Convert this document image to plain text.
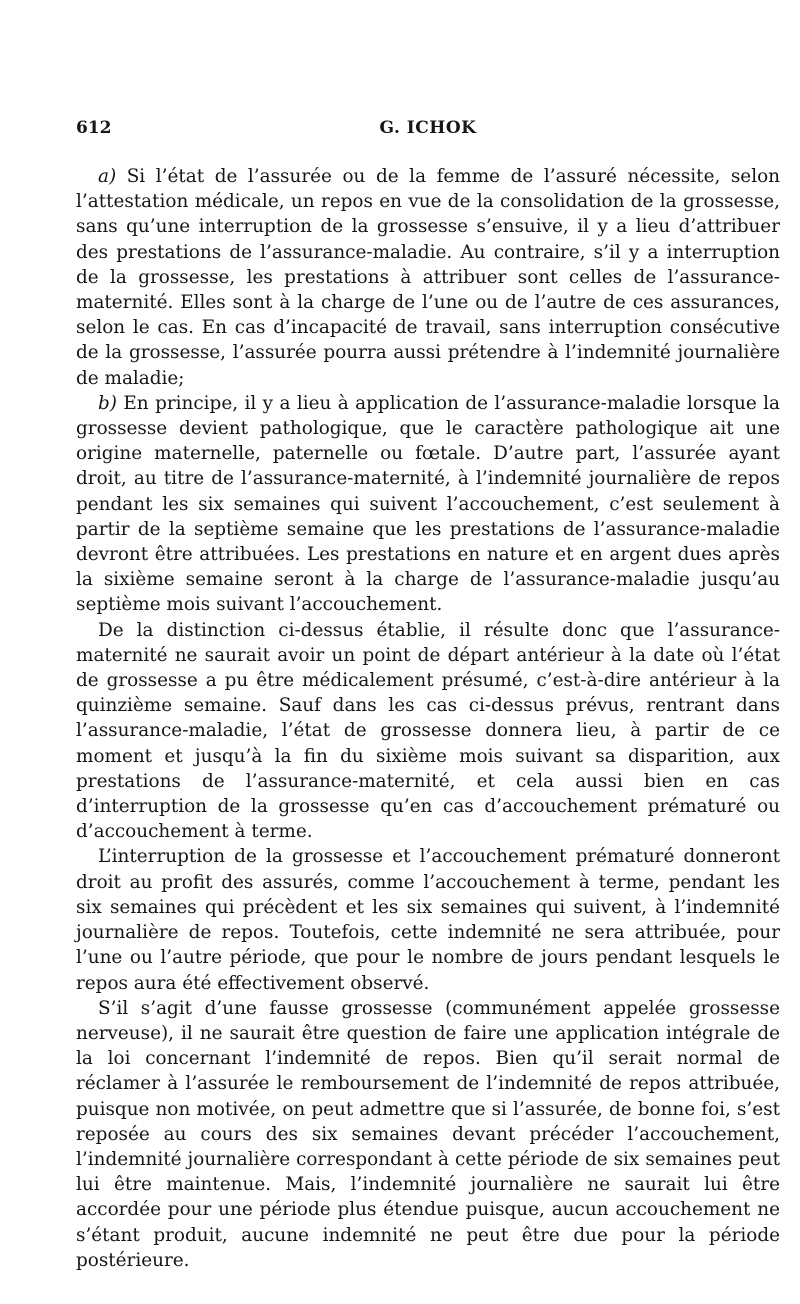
612	G. ICHOK

a) Si l’état de l’assurée ou de la femme de l’assuré nécessite, selon l’attestation médicale, un repos en vue de la consolidation de la grossesse, sans qu’une interruption de la grossesse s’ensuive, il y a lieu d’attribuer des prestations de l’assurance-maladie. Au contraire, s’il y a interruption de la grossesse, les prestations à attribuer sont celles de l’assurance-maternité. Elles sont à la charge de l’une ou de l’autre de ces assurances, selon le cas. En cas d’incapacité de travail, sans interruption consécutive de la grossesse, l’assurée pourra aussi prétendre à l’indemnité journalière de maladie;

b) En principe, il y a lieu à application de l’assurance-maladie lorsque la grossesse devient pathologique, que le caractère pathologique ait une origine maternelle, paternelle ou fœtale. D’autre part, l’assurée ayant droit, au titre de l’assurance-maternité, à l’indemnité journalière de repos pendant les six semaines qui suivent l’accouchement, c’est seulement à partir de la septième semaine que les prestations de l’assurance-maladie devront être attribuées. Les prestations en nature et en argent dues après la sixième semaine seront à la charge de l’assurance-maladie jusqu’au septième mois suivant l’accouchement.

De la distinction ci-dessus établie, il résulte donc que l’assurance-maternité ne saurait avoir un point de départ antérieur à la date où l’état de grossesse a pu être médicalement présumé, c’est-à-dire antérieur à la quinzième semaine. Sauf dans les cas ci-dessus prévus, rentrant dans l’assurance-maladie, l’état de grossesse donnera lieu, à partir de ce moment et jusqu’à la fin du sixième mois suivant sa disparition, aux prestations de l’assurance-maternité, et cela aussi bien en cas d’interruption de la grossesse qu’en cas d’accouchement prématuré ou d’accouchement à terme.

L’interruption de la grossesse et l’accouchement prématuré donneront droit au profit des assurés, comme l’accouchement à terme, pendant les six semaines qui précèdent et les six semaines qui suivent, à l’indemnité journalière de repos. Toutefois, cette indemnité ne sera attribuée, pour l’une ou l’autre période, que pour le nombre de jours pendant lesquels le repos aura été effectivement observé.

S’il s’agit d’une fausse grossesse (communément appelée grossesse nerveuse), il ne saurait être question de faire une application intégrale de la loi concernant l’indemnité de repos. Bien qu’il serait normal de réclamer à l’assurée le remboursement de l’indemnité de repos attribuée, puisque non motivée, on peut admettre que si l’assurée, de bonne foi, s’est reposée au cours des six semaines devant précéder l’accouchement, l’indemnité journalière correspondant à cette période de six semaines peut lui être maintenue. Mais, l’indemnité journalière ne saurait lui être accordée pour une période plus étendue puisque, aucun accouchement ne s’étant produit, aucune indemnité ne peut être due pour la période postérieure.
